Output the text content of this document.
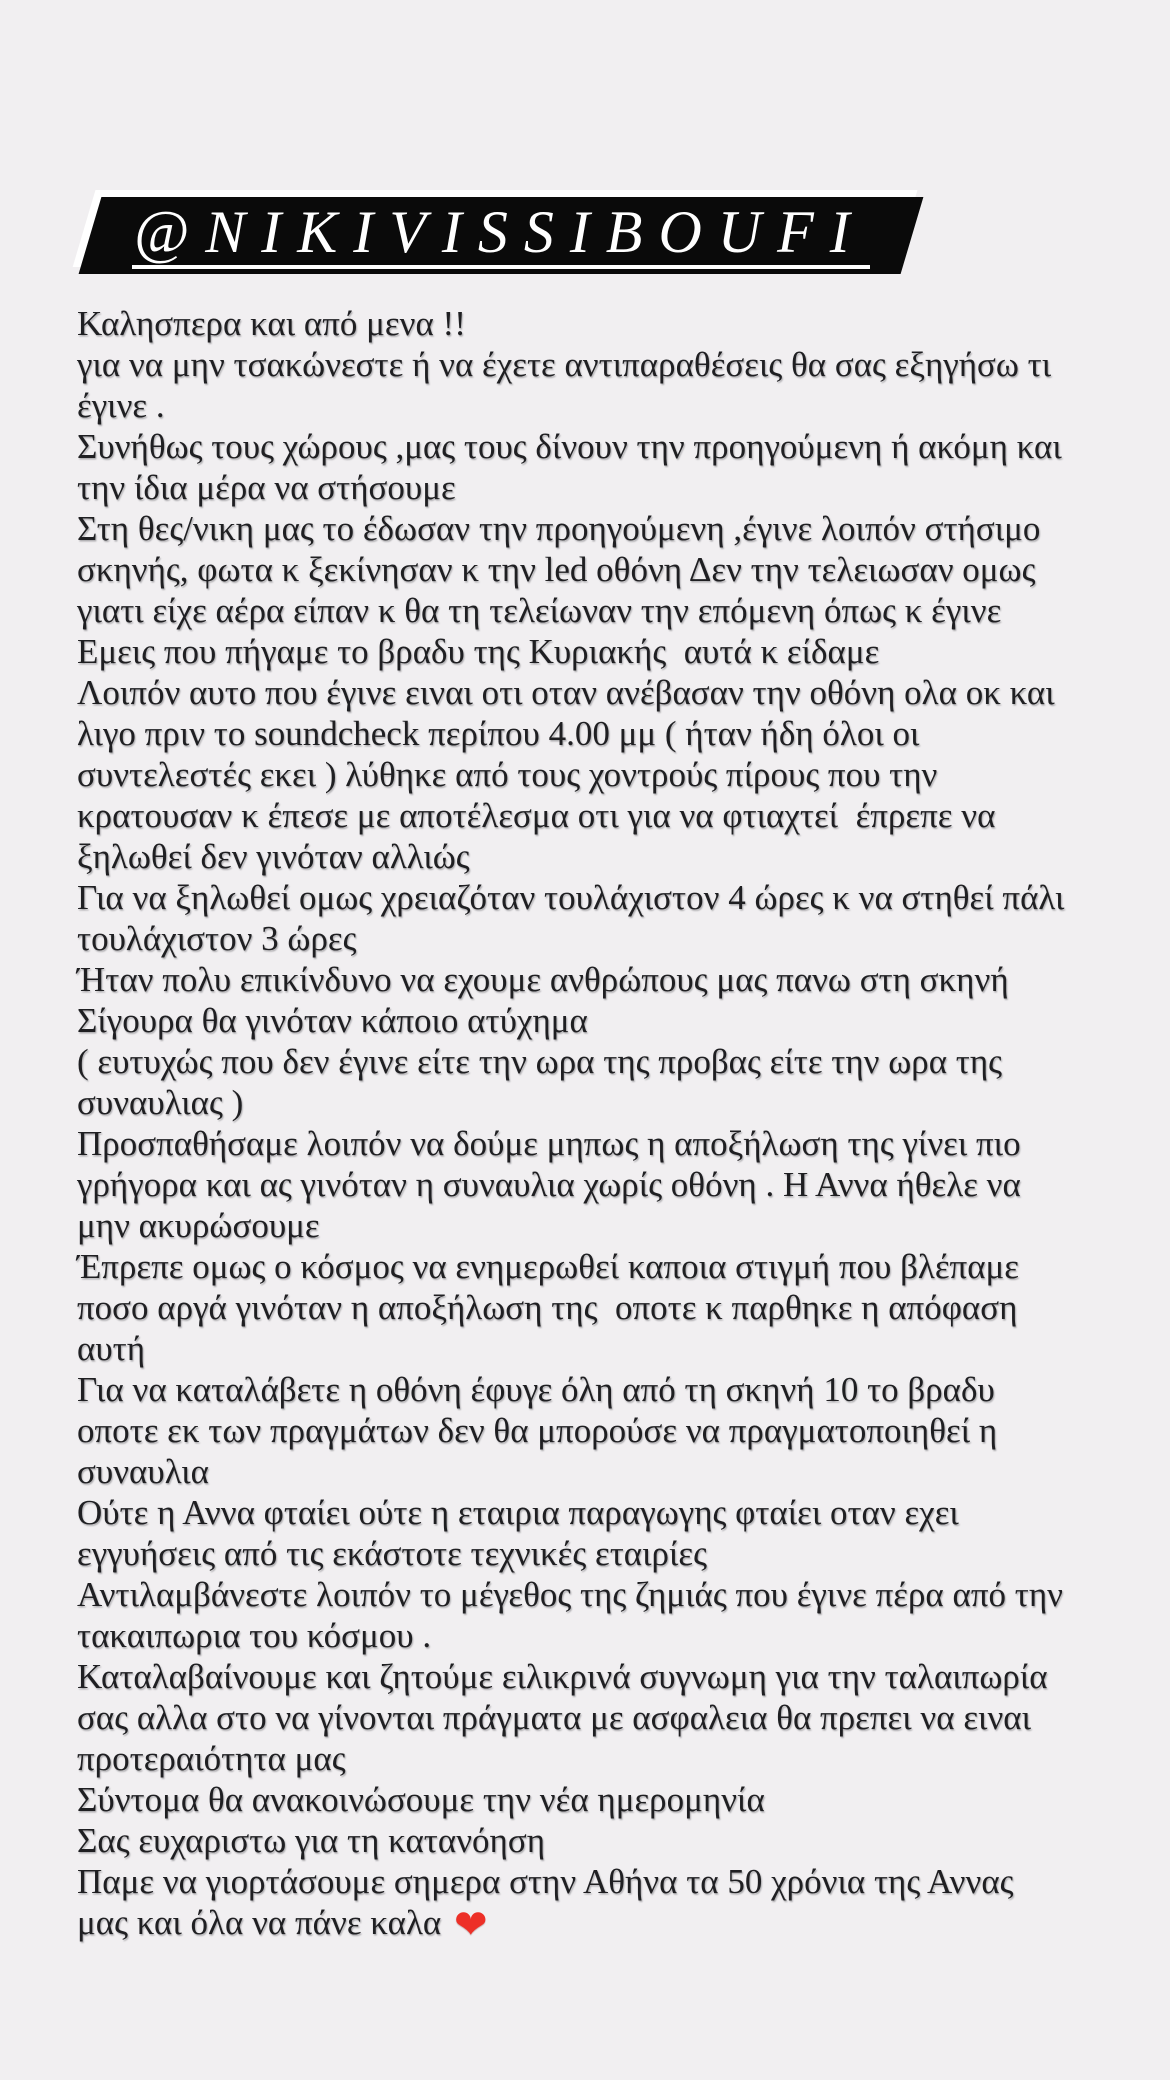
@NIKIVISSIBOUFI
Καλησπερα και από μενα !!
για να μην τσακώνεστε ή να έχετε αντιπαραθέσεις θα σας εξηγήσω τι
έγινε .
Συνήθως τους χώρους ,μας τους δίνουν την προηγούμενη ή ακόμη και
την ίδια μέρα να στήσουμε
Στη θες/νικη μας το έδωσαν την προηγούμενη ,έγινε λοιπόν στήσιμο
σκηνής, φωτα κ ξεκίνησαν κ την led οθόνη Δεν την τελειωσαν ομως
γιατι είχε αέρα είπαν κ θα τη τελείωναν την επόμενη όπως κ έγινε
Εμεις που πήγαμε το βραδυ της Κυριακής  αυτά κ είδαμε
Λοιπόν αυτο που έγινε ειναι οτι οταν ανέβασαν την οθόνη ολα οκ και
λιγο πριν το soundcheck περίπου 4.00 μμ ( ήταν ήδη όλοι οι
συντελεστές εκει ) λύθηκε από τους χοντρούς πίρους που την
κρατουσαν κ έπεσε με αποτέλεσμα οτι για να φτιαχτεί  έπρεπε να
ξηλωθεί δεν γινόταν αλλιώς
Για να ξηλωθεί ομως χρειαζόταν τουλάχιστον 4 ώρες κ να στηθεί πάλι
τουλάχιστον 3 ώρες
Ήταν πολυ επικίνδυνο να εχουμε ανθρώπους μας πανω στη σκηνή
Σίγουρα θα γινόταν κάποιο ατύχημα
( ευτυχώς που δεν έγινε είτε την ωρα της προβας είτε την ωρα της
συναυλιας )
Προσπαθήσαμε λοιπόν να δούμε μηπως η αποξήλωση της γίνει πιο
γρήγορα και ας γινόταν η συναυλια χωρίς οθόνη . Η Αννα ήθελε να
μην ακυρώσουμε
Έπρεπε ομως ο κόσμος να ενημερωθεί καποια στιγμή που βλέπαμε
ποσο αργά γινόταν η αποξήλωση της  οποτε κ παρθηκε η απόφαση
αυτή
Για να καταλάβετε η οθόνη έφυγε όλη από τη σκηνή 10 το βραδυ
οποτε εκ των πραγμάτων δεν θα μπορούσε να πραγματοποιηθεί η
συναυλια
Ούτε η Αννα φταίει ούτε η εταιρια παραγωγης φταίει οταν εχει
εγγυήσεις από τις εκάστοτε τεχνικές εταιρίες
Αντιλαμβάνεστε λοιπόν το μέγεθος της ζημιάς που έγινε πέρα από την
τακαιπωρια του κόσμου .
Καταλαβαίνουμε και ζητούμε ειλικρινά συγνωμη για την ταλαιπωρία
σας αλλα στο να γίνονται πράγματα με ασφαλεια θα πρεπει να ειναι
προτεραιότητα μας
Σύντομα θα ανακοινώσουμε την νέα ημερομηνία
Σας ευχαριστω για τη κατανόηση
Παμε να γιορτάσουμε σημερα στην Αθήνα τα 50 χρόνια της Αννας
μας και όλα να πάνε καλα ❤
